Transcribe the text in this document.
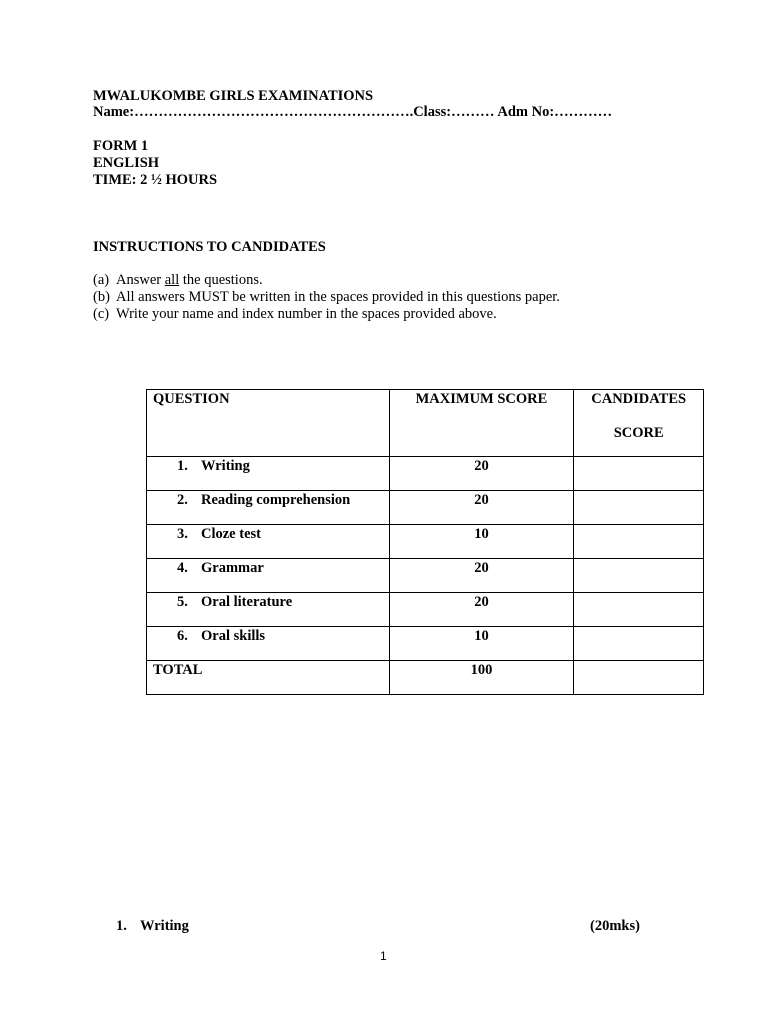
MWALUKOMBE GIRLS EXAMINATIONS
Name:………………………………………………….Class:……… Adm No:…………
FORM 1
ENGLISH
TIME: 2 ½ HOURS
INSTRUCTIONS TO CANDIDATES
(a) Answer all the questions.
(b) All answers MUST be written in the spaces provided in this questions paper.
(c) Write your name and index number in the spaces provided above.
QUESTION	MAXIMUM SCORE	CANDIDATES
SCORE

1. Writing	20	

2. Reading comprehension	20	

3. Cloze test	10	

4. Grammar	20	

5. Oral literature	20	

6. Oral skills	10	

TOTAL	100	

1. Writing	(20mks)
1
